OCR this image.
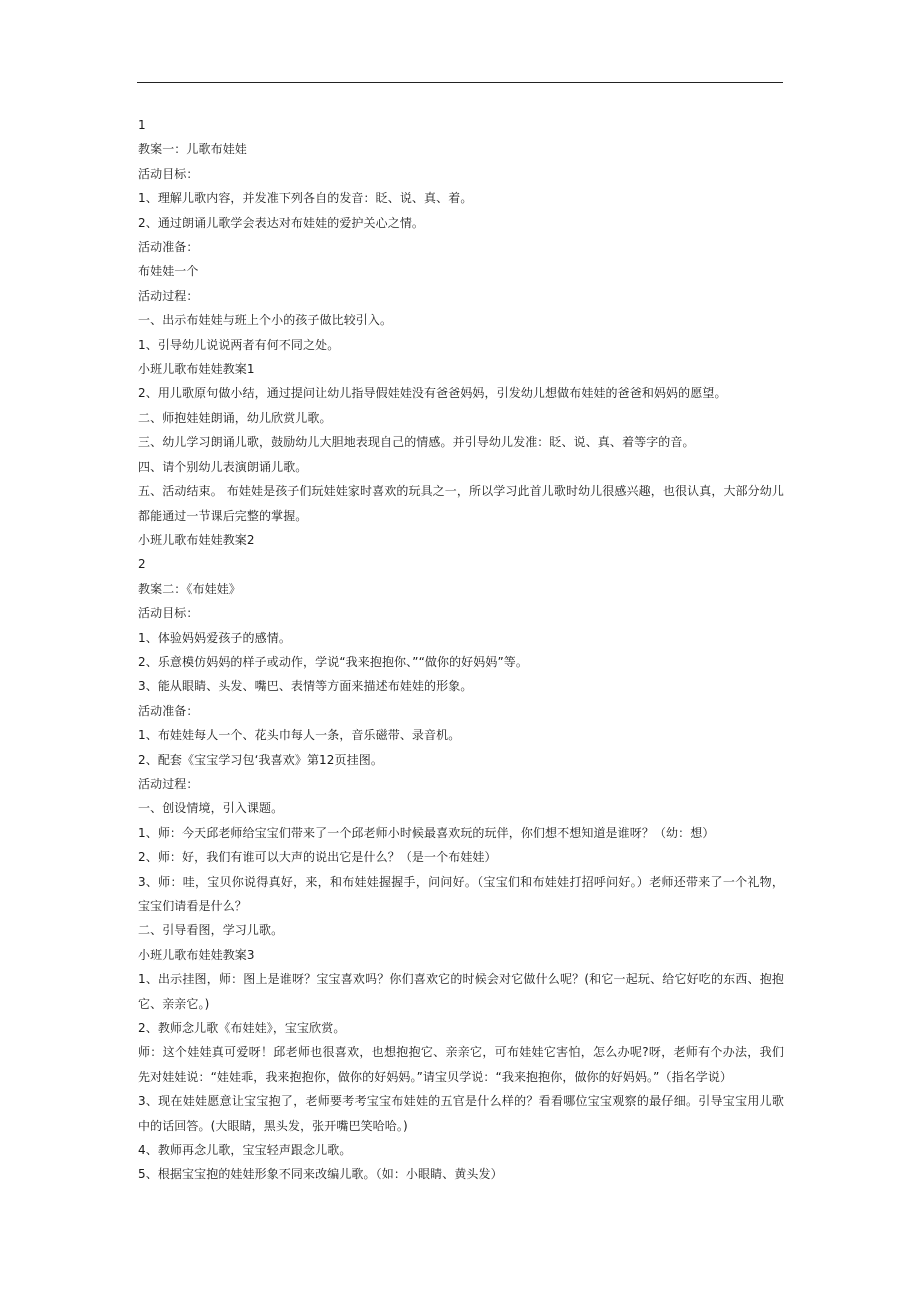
1
教案一：儿歌布娃娃
活动目标：
1、理解儿歌内容，并发准下列各自的发音：眨、说、真、着。
2、通过朗诵儿歌学会表达对布娃娃的爱护关心之情。
活动准备：
布娃娃一个
活动过程：
一、出示布娃娃与班上个小的孩子做比较引入。
1、引导幼儿说说两者有何不同之处。
小班儿歌布娃娃教案1
2、用儿歌原句做小结，通过提问让幼儿指导假娃娃没有爸爸妈妈，引发幼儿想做布娃娃的爸爸和妈妈的愿望。
二、师抱娃娃朗诵，幼儿欣赏儿歌。
三、幼儿学习朗诵儿歌，鼓励幼儿大胆地表现自己的情感。并引导幼儿发准：眨、说、真、着等字的音。
四、请个别幼儿表演朗诵儿歌。
五、活动结束。 布娃娃是孩子们玩娃娃家时喜欢的玩具之一，所以学习此首儿歌时幼儿很感兴趣，也很认真，大部分幼儿都能通过一节课后完整的掌握。
小班儿歌布娃娃教案2
2
教案二：《布娃娃》
活动目标：
1、体验妈妈爱孩子的感情。
2、乐意模仿妈妈的样子或动作，学说“我来抱抱你、”“做你的好妈妈”等。
3、能从眼睛、头发、嘴巴、表情等方面来描述布娃娃的形象。
活动准备：
1、布娃娃每人一个、花头巾每人一条，音乐磁带、录音机。
2、配套《宝宝学习包‘我喜欢》第12页挂图。
活动过程：
一、创设情境，引入课题。
1、师：今天邱老师给宝宝们带来了一个邱老师小时候最喜欢玩的玩伴，你们想不想知道是谁呀？（幼：想）
2、师：好，我们有谁可以大声的说出它是什么？（是一个布娃娃）
3、师：哇，宝贝你说得真好，来，和布娃娃握握手，问问好。（宝宝们和布娃娃打招呼问好。）老师还带来了一个礼物，宝宝们请看是什么？
二、引导看图，学习儿歌。
小班儿歌布娃娃教案3
1、出示挂图，师：图上是谁呀？宝宝喜欢吗？你们喜欢它的时候会对它做什么呢？(和它一起玩、给它好吃的东西、抱抱它、亲亲它。)
2、教师念儿歌《布娃娃》，宝宝欣赏。
师：这个娃娃真可爱呀！邱老师也很喜欢，也想抱抱它、亲亲它，可布娃娃它害怕，怎么办呢?呀，老师有个办法，我们先对娃娃说：“娃娃乖，我来抱抱你，做你的好妈妈。”请宝贝学说：“我来抱抱你，做你的好妈妈。”（指名学说）
3、现在娃娃愿意让宝宝抱了，老师要考考宝宝布娃娃的五官是什么样的？看看哪位宝宝观察的最仔细。引导宝宝用儿歌中的话回答。(大眼睛，黑头发，张开嘴巴笑哈哈。)
4、教师再念儿歌，宝宝轻声跟念儿歌。
5、根据宝宝抱的娃娃形象不同来改编儿歌。（如：小眼睛、黄头发）
